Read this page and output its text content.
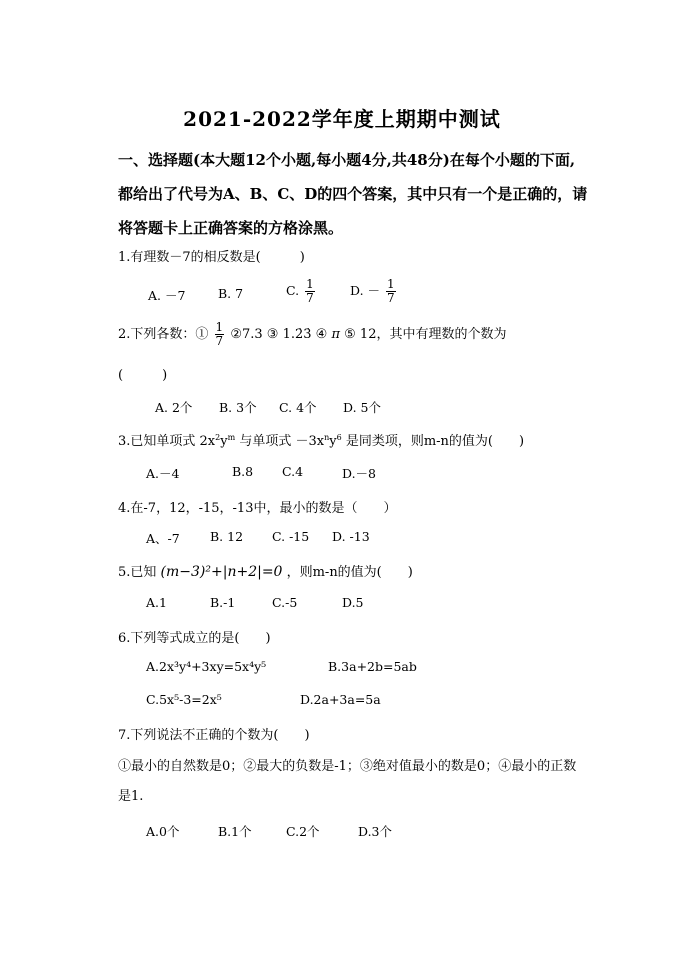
2021-2022学年度上期期中测试
一、选择题(本大题12个小题,每小题4分,共48分)在每个小题的下面,都给出了代号为A、B、C、D的四个答案，其中只有一个是正确的，请将答题卡上正确答案的方格涂黑。
1.有理数－7的相反数是(　　　)
A. －7	B. 7	C. $\frac{1}{7}$	D. － $\frac{1}{7}$
2.下列各数：① $\frac{1}{7}$ ②7.3 ③ 1.2̇3̇ ④ π ⑤ 12，其中有理数的个数为
(　　　)
A. 2个 B. 3个 C. 4个 D. 5个
3.已知单项式 $2x^2y^m$ 与单项式 $-3x^ny^6$ 是同类项，则m-n的值为(　　)
A.－4	B.8 C.4	D.－8
4.在-7，12，-15，-13中，最小的数是（　　）
A、-7 B. 12 C. -15 D. -13
5.已知 (m−3)²+|n+2|=0 ，则m-n的值为(　　)
A.1	B.-1	C.-5	D.5
6.下列等式成立的是(　　)
A.2x³y⁴+3xy=5x⁴y⁵	B.3a+2b=5ab
C.5x⁵-3=2x⁵	D.2a+3a=5a
7.下列说法不正确的个数为(　　)
①最小的自然数是0；②最大的负数是-1；③绝对值最小的数是0；④最小的正数是1.
A.0个	B.1个	C.2个	D.3个
